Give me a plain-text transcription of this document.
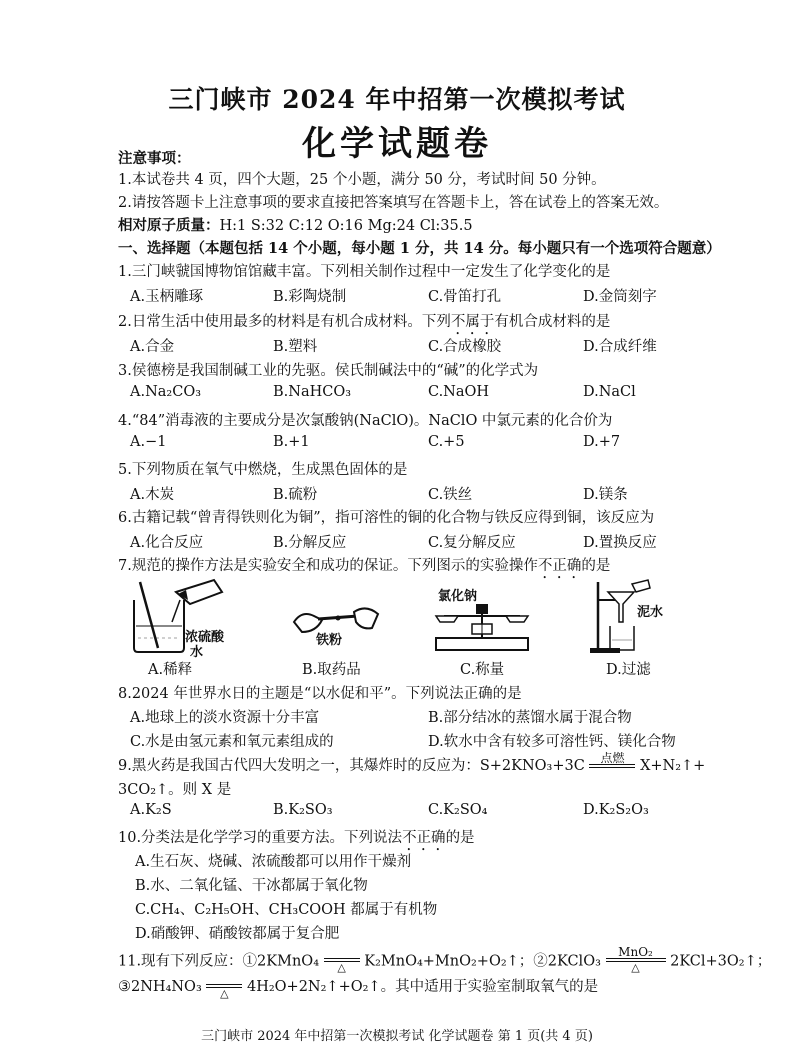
三门峡市 2024 年中招第一次模拟考试
化学试题卷
注意事项：
1.本试卷共 4 页，四个大题，25 个小题，满分 50 分，考试时间 50 分钟。
2.请按答题卡上注意事项的要求直接把答案填写在答题卡上，答在试卷上的答案无效。
相对原子质量：H:1 S:32 C:12 O:16 Mg:24 Cl:35.5
一、选择题（本题包括 14 个小题，每小题 1 分，共 14 分。每小题只有一个选项符合题意）
1.三门峡虢国博物馆馆藏丰富。下列相关制作过程中一定发生了化学变化的是
A.玉柄雕琢	B.彩陶烧制	C.骨笛打孔	D.金筒刻字
2.日常生活中使用最多的材料是有机合成材料。下列不属于有机合成材料的是
A.合金	B.塑料	C.合成橡胶	D.合成纤维
3.侯德榜是我国制碱工业的先驱。侯氏制碱法中的“碱”的化学式为
A.Na₂CO₃	B.NaHCO₃	C.NaOH	D.NaCl
4.“84”消毒液的主要成分是次氯酸钠(NaClO)。NaClO 中氯元素的化合价为
A.−1	B.+1	C.+5	D.+7
5.下列物质在氧气中燃烧，生成黑色固体的是
A.木炭	B.硫粉	C.铁丝	D.镁条
6.古籍记载“曾青得铁则化为铜”，指可溶性的铜的化合物与铁反应得到铜，该反应为
A.化合反应	B.分解反应	C.复分解反应	D.置换反应
7.规范的操作方法是实验安全和成功的保证。下列图示的实验操作不正确的是
浓硫酸
水
铁粉
氯化钠
泥水
A.稀释	B.取药品	C.称量	D.过滤
8.2024 年世界水日的主题是“以水促和平”。下列说法正确的是
A.地球上的淡水资源十分丰富	B.部分结冰的蒸馏水属于混合物
C.水是由氢元素和氧元素组成的	D.软水中含有较多可溶性钙、镁化合物
9.黑火药是我国古代四大发明之一，其爆炸时的反应为：S+2KNO₃+3C	点燃	X+N₂↑+
3CO₂↑。则 X 是
A.K₂S	B.K₂SO₃	C.K₂SO₄	D.K₂S₂O₃
10.分类法是化学学习的重要方法。下列说法不正确的是
A.生石灰、烧碱、浓硫酸都可以用作干燥剂
B.水、二氧化锰、干冰都属于氧化物
C.CH₄、C₂H₅OH、CH₃COOH 都属于有机物
D.硝酸钾、硝酸铵都属于复合肥
11.现有下列反应：①2KMnO₄	△	K₂MnO₄+MnO₂+O₂↑；②2KClO₃
MnO₂
△	2KCl+3O₂↑；
③2NH₄NO₃	△	4H₂O+2N₂↑+O₂↑。其中适用于实验室制取氧气的是
三门峡市 2024 年中招第一次模拟考试 化学试题卷 第 1 页(共 4 页)
